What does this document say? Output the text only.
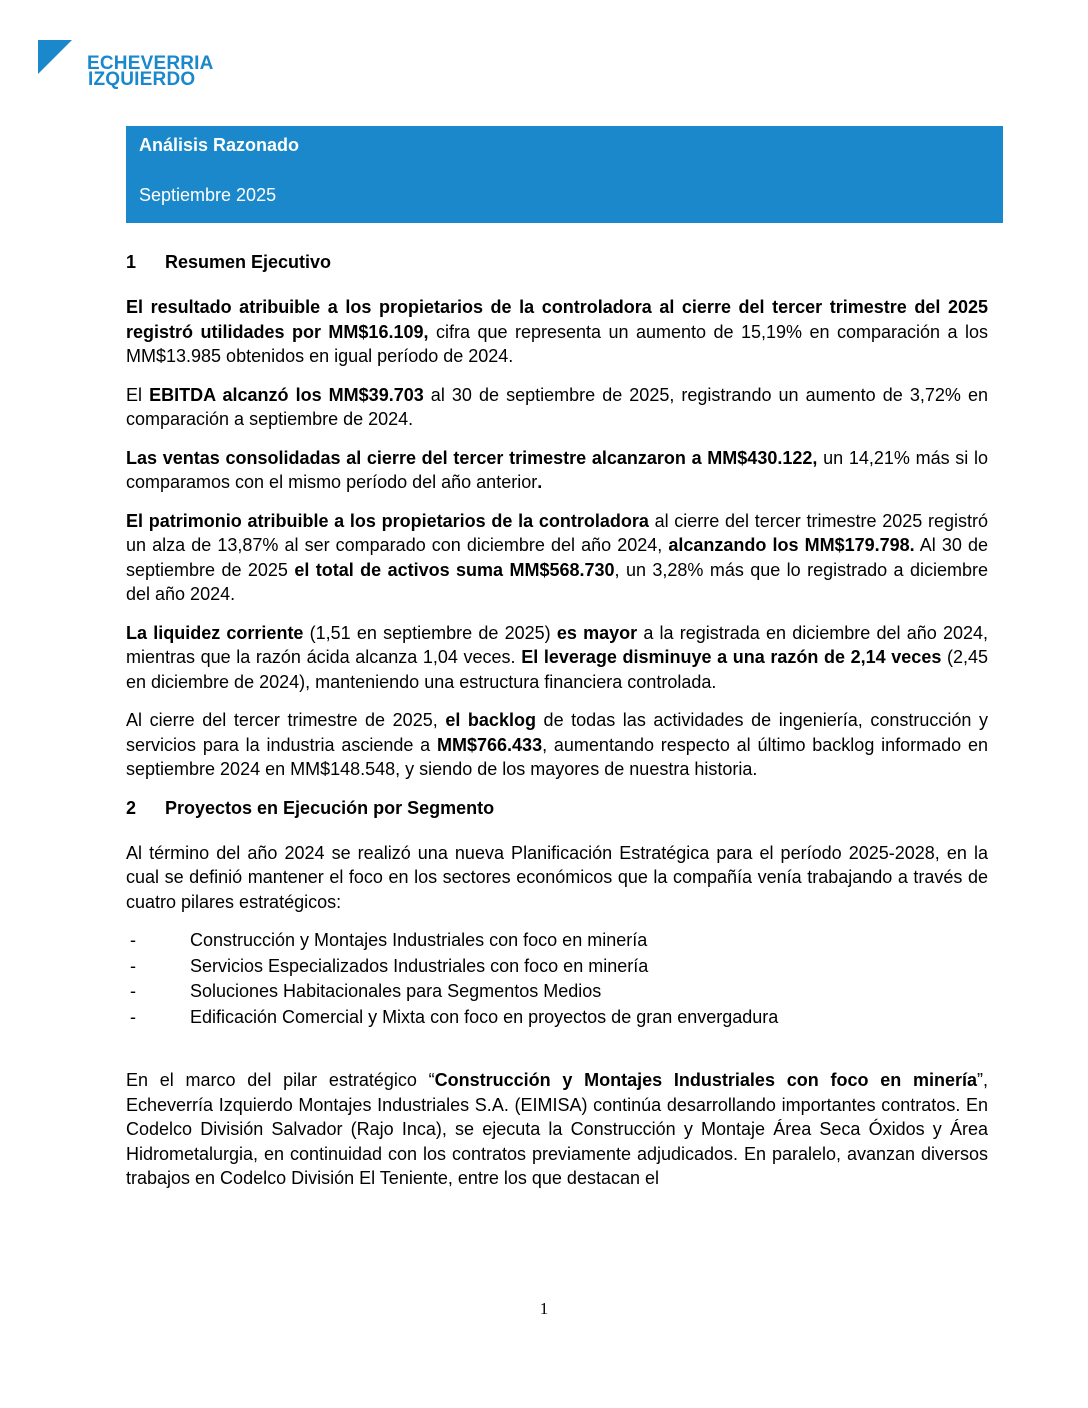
ECHEVERRIA
IZQUIERDO
Análisis Razonado
Septiembre 2025
1 Resumen Ejecutivo

El resultado atribuible a los propietarios de la controladora al cierre del tercer trimestre del 2025 registró utilidades por MM$16.109, cifra que representa un aumento de 15,19% en comparación a los MM$13.985 obtenidos en igual período de 2024.

El EBITDA alcanzó los MM$39.703 al 30 de septiembre de 2025, registrando un aumento de 3,72% en comparación a septiembre de 2024.

Las ventas consolidadas al cierre del tercer trimestre alcanzaron a MM$430.122, un 14,21% más si lo comparamos con el mismo período del año anterior.

El patrimonio atribuible a los propietarios de la controladora al cierre del tercer trimestre 2025 registró un alza de 13,87% al ser comparado con diciembre del año 2024, alcanzando los MM$179.798. Al 30 de septiembre de 2025 el total de activos suma MM$568.730, un 3,28% más que lo registrado a diciembre del año 2024.

La liquidez corriente (1,51 en septiembre de 2025) es mayor a la registrada en diciembre del año 2024, mientras que la razón ácida alcanza 1,04 veces. El leverage disminuye a una razón de 2,14 veces (2,45 en diciembre de 2024), manteniendo una estructura financiera controlada.

Al cierre del tercer trimestre de 2025, el backlog de todas las actividades de ingeniería, construcción y servicios para la industria asciende a MM$766.433, aumentando respecto al último backlog informado en septiembre 2024 en MM$148.548, y siendo de los mayores de nuestra historia.

2 Proyectos en Ejecución por Segmento

Al término del año 2024 se realizó una nueva Planificación Estratégica para el período 2025-2028, en la cual se definió mantener el foco en los sectores económicos que la compañía venía trabajando a través de cuatro pilares estratégicos:

-	Construcción y Montajes Industriales con foco en minería
-	Servicios Especializados Industriales con foco en minería
-	Soluciones Habitacionales para Segmentos Medios
-	Edificación Comercial y Mixta con foco en proyectos de gran envergadura

En el marco del pilar estratégico “Construcción y Montajes Industriales con foco en minería”, Echeverría Izquierdo Montajes Industriales S.A. (EIMISA) continúa desarrollando importantes contratos. En Codelco División Salvador (Rajo Inca), se ejecuta la Construcción y Montaje Área Seca Óxidos y Área Hidrometalurgia, en continuidad con los contratos previamente adjudicados. En paralelo, avanzan diversos trabajos en Codelco División El Teniente, entre los que destacan el

1
